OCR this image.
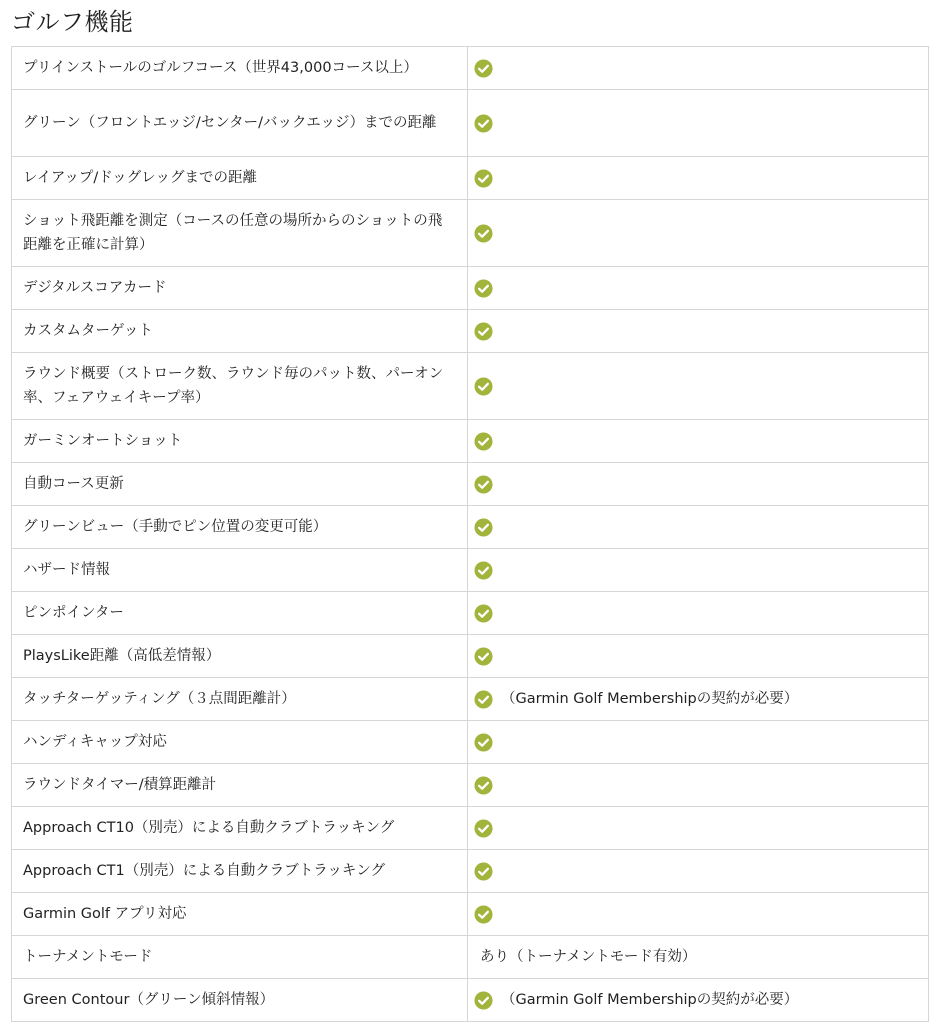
ゴルフ機能
プリインストールのゴルフコース（世界43,000コース以上）	

グリーン（フロントエッジ/センター/バックエッジ）までの距離	

レイアップ/ドッグレッグまでの距離	

ショット飛距離を測定（コースの任意の場所からのショットの飛距離を正確に計算）	

デジタルスコアカード	

カスタムターゲット	

ラウンド概要（ストローク数、ラウンド毎のパット数、パーオン率、フェアウェイキープ率）	

ガーミンオートショット	

自動コース更新	

グリーンビュー（手動でピン位置の変更可能）	

ハザード情報	

ピンポインター	

PlaysLike距離（高低差情報）	

タッチターゲッティング（３点間距離計）	（Garmin Golf Membershipの契約が必要）

ハンディキャップ対応	

ラウンドタイマー/積算距離計	

Approach CT10（別売）による自動クラブトラッキング	

Approach CT1（別売）による自動クラブトラッキング	

Garmin Golf アプリ対応	

トーナメントモード	あり（トーナメントモード有効）

Green Contour（グリーン傾斜情報）	（Garmin Golf Membershipの契約が必要）
